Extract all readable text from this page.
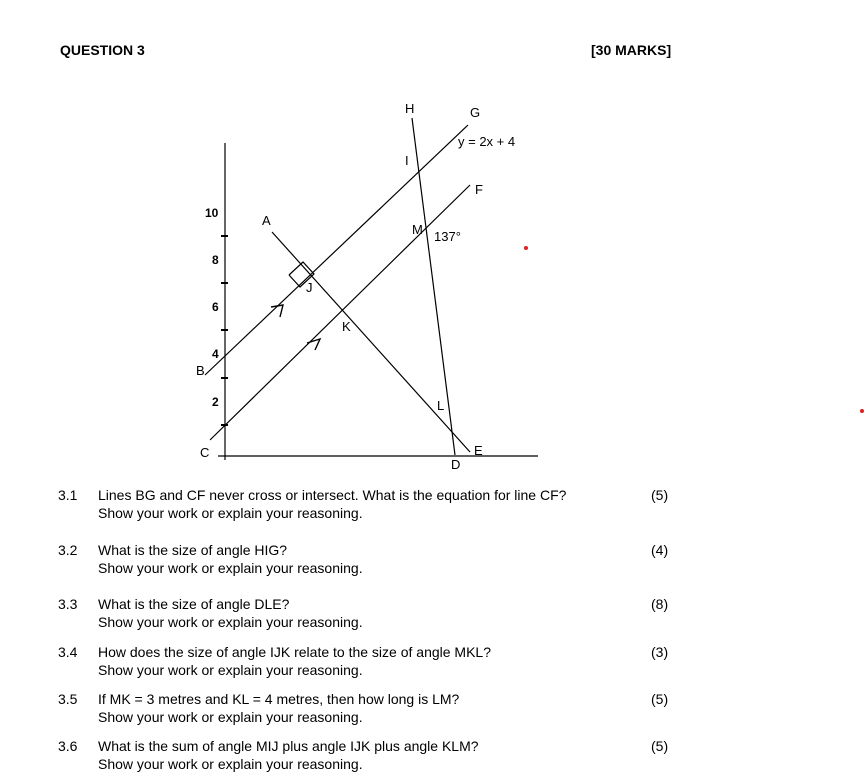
QUESTION 3	[30 MARKS]
10
8
6
4
2
H	G
I
F
A
M
J
K
B
C
L
E
D
y = 2x + 4
137°
3.1 Lines BG and CF never cross or intersect. What is the equation for line CF?
Show your work or explain your reasoning.
(5)
3.2 What is the size of angle HIG?
Show your work or explain your reasoning.
(4)
3.3 What is the size of angle DLE?
Show your work or explain your reasoning.
(8)
3.4 How does the size of angle IJK relate to the size of angle MKL?
Show your work or explain your reasoning.
(3)
3.5 If MK = 3 metres and KL = 4 metres, then how long is LM?
Show your work or explain your reasoning.
(5)
3.6 What is the sum of angle MIJ plus angle IJK plus angle KLM?
Show your work or explain your reasoning.
(5)
